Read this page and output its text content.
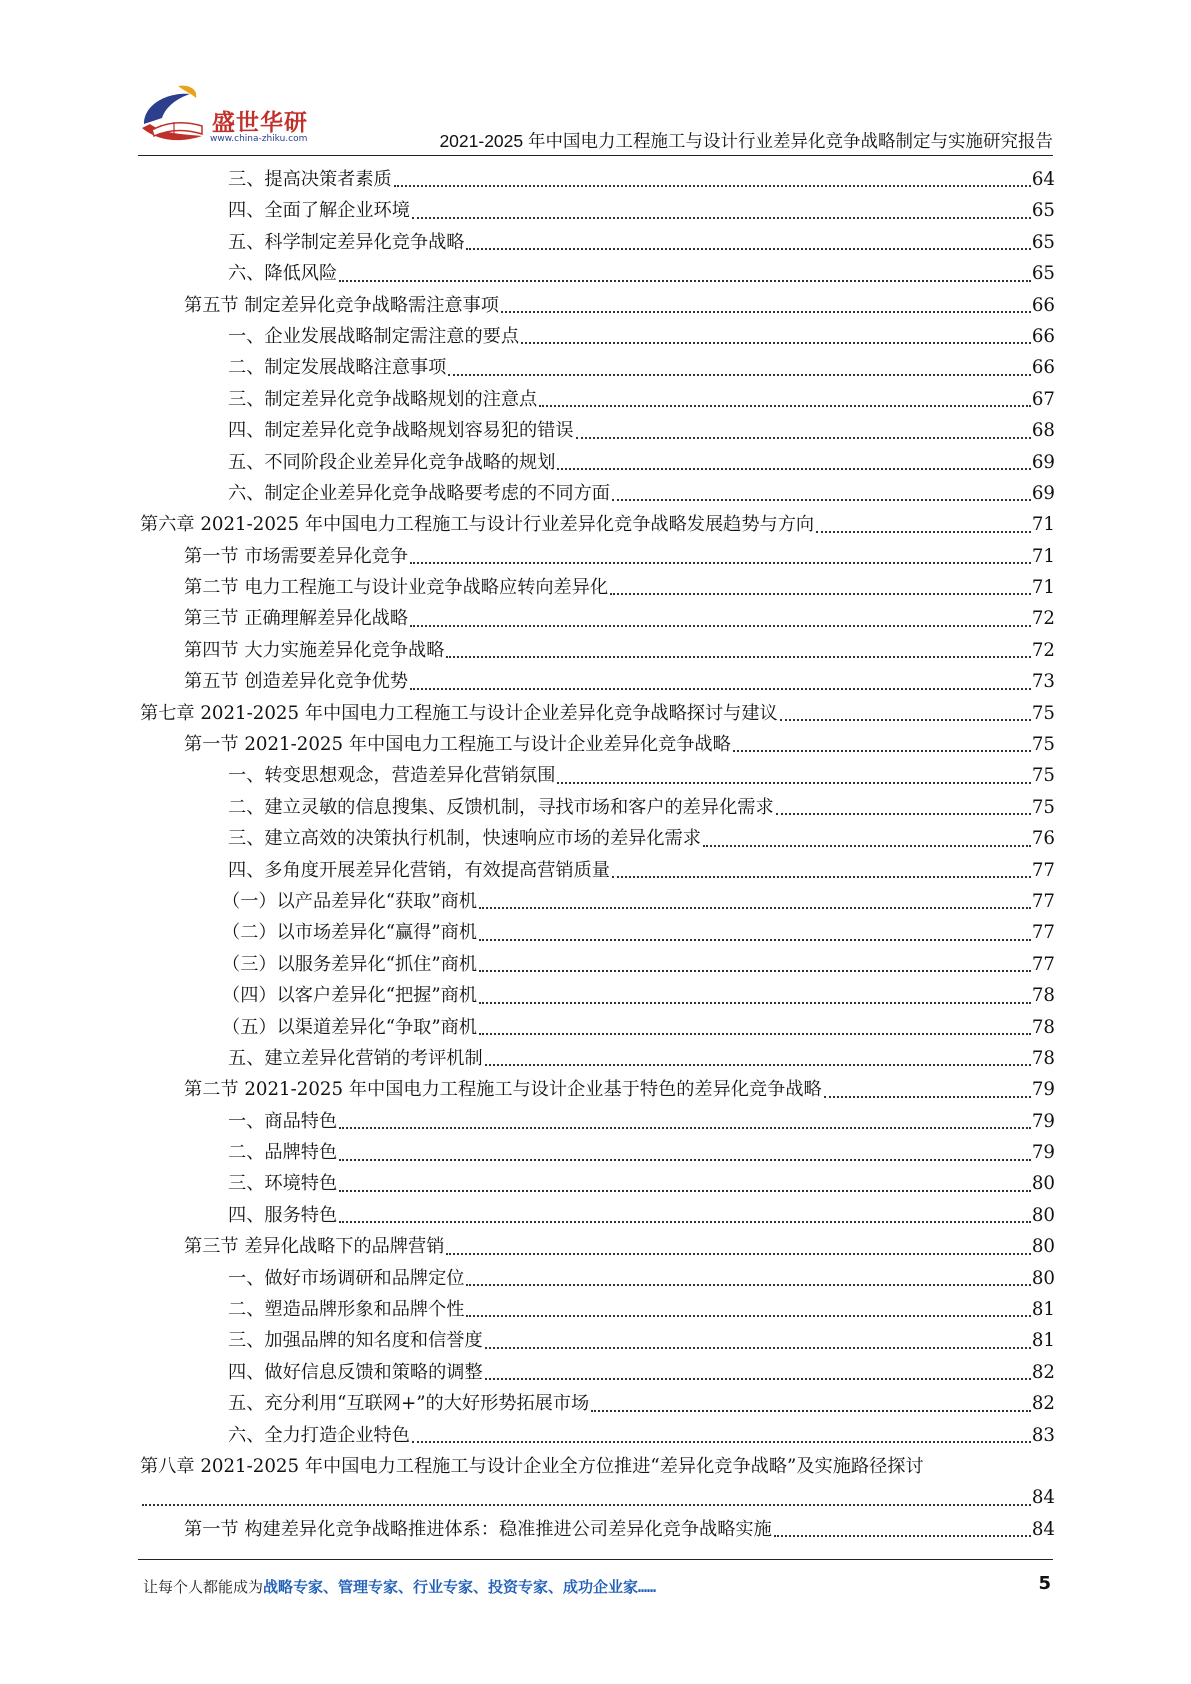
盛世华研
www.china-zhiku.com	2021-2025 年中国电力工程施工与设计行业差异化竞争战略制定与实施研究报告
三、提高决策者素质	64
四、全面了解企业环境	65
五、科学制定差异化竞争战略	65
六、降低风险	65
第五节 制定差异化竞争战略需注意事项	66
一、企业发展战略制定需注意的要点	66
二、制定发展战略注意事项	66
三、制定差异化竞争战略规划的注意点	67
四、制定差异化竞争战略规划容易犯的错误	68
五、不同阶段企业差异化竞争战略的规划	69
六、制定企业差异化竞争战略要考虑的不同方面	69
第六章 2021-2025 年中国电力工程施工与设计行业差异化竞争战略发展趋势与方向	71
第一节 市场需要差异化竞争	71
第二节 电力工程施工与设计业竞争战略应转向差异化	71
第三节 正确理解差异化战略	72
第四节 大力实施差异化竞争战略	72
第五节 创造差异化竞争优势	73
第七章 2021-2025 年中国电力工程施工与设计企业差异化竞争战略探讨与建议	75
第一节 2021-2025 年中国电力工程施工与设计企业差异化竞争战略	75
一、转变思想观念，营造差异化营销氛围	75
二、建立灵敏的信息搜集、反馈机制，寻找市场和客户的差异化需求	75
三、建立高效的决策执行机制，快速响应市场的差异化需求	76
四、多角度开展差异化营销，有效提高营销质量	77
（一）以产品差异化“获取”商机	77
（二）以市场差异化“赢得”商机	77
（三）以服务差异化“抓住”商机	77
（四）以客户差异化“把握”商机	78
（五）以渠道差异化“争取”商机	78
五、建立差异化营销的考评机制	78
第二节 2021-2025 年中国电力工程施工与设计企业基于特色的差异化竞争战略	79
一、商品特色	79
二、品牌特色	79
三、环境特色	80
四、服务特色	80
第三节 差异化战略下的品牌营销	80
一、做好市场调研和品牌定位	80
二、塑造品牌形象和品牌个性	81
三、加强品牌的知名度和信誉度	81
四、做好信息反馈和策略的调整	82
五、充分利用“互联网+”的大好形势拓展市场	82
六、全力打造企业特色	83
第八章 2021-2025 年中国电力工程施工与设计企业全方位推进“差异化竞争战略”及实施路径探讨
84
第一节 构建差异化竞争战略推进体系：稳准推进公司差异化竞争战略实施	84
让每个人都能成为战略专家、管理专家、行业专家、投资专家、成功企业家……	5
